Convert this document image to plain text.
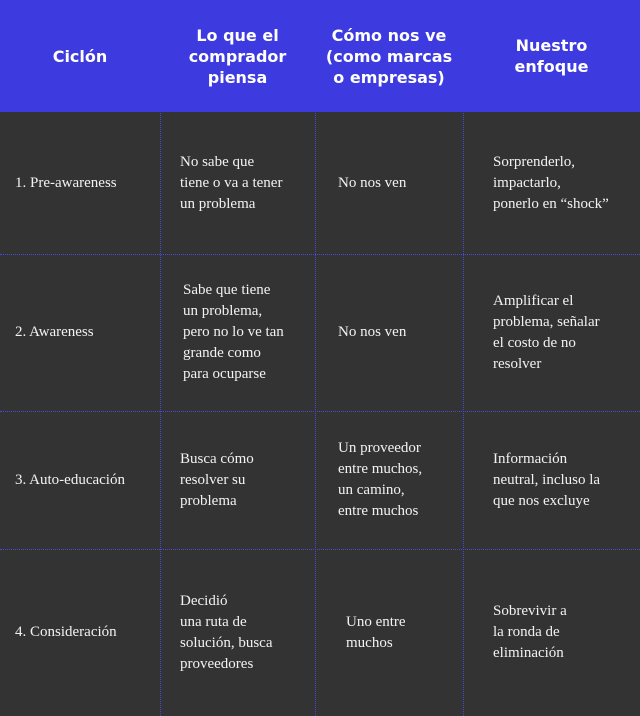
Ciclón
Lo que el
comprador
piensa
Cómo nos ve
(como marcas
o empresas)
Nuestro
enfoque
1. Pre-awareness
No sabe que
tiene o va a tener
un problema
No nos ven
Sorprenderlo,
impactarlo,
ponerlo en “shock”
2. Awareness
Sabe que tiene
un problema,
pero no lo ve tan
grande como
para ocuparse
No nos ven
Amplificar el
problema, señalar
el costo de no
resolver
3. Auto-educación
Busca cómo
resolver su
problema
Un proveedor
entre muchos,
un camino,
entre muchos
Información
neutral, incluso la
que nos excluye
4. Consideración
Decidió
una ruta de
solución, busca
proveedores
Uno entre
muchos
Sobrevivir a
la ronda de
eliminación
